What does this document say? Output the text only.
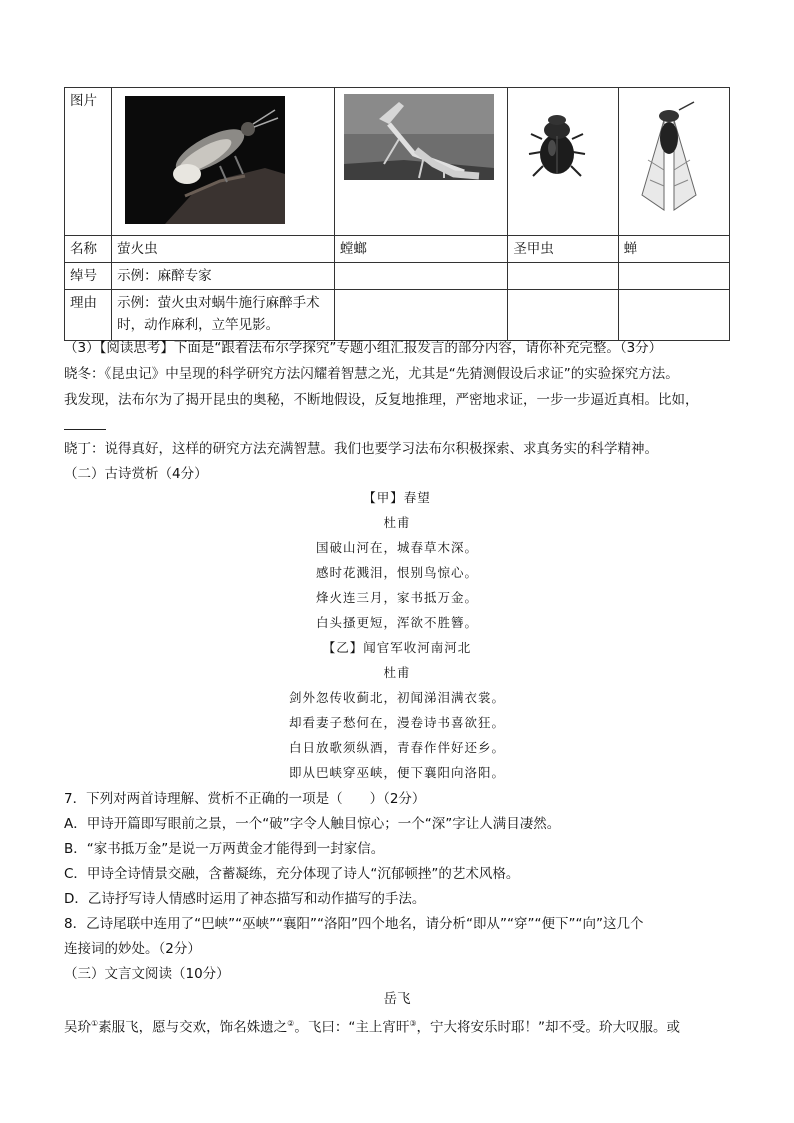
图片	

名称	萤火虫	螳螂	圣甲虫	蝉
绰号	示例：麻醉专家			
理由	示例：萤火虫对蜗牛施行麻醉手术时，动作麻利，立竿见影。			
（3）【阅读思考】下面是“跟着法布尔学探究”专题小组汇报发言的部分内容，请你补充完整。（3分）
晓冬：《昆虫记》中呈现的科学研究方法闪耀着智慧之光，尤其是“先猜测假设后求证”的实验探究方法。
我发现，法布尔为了揭开昆虫的奥秘，不断地假设，反复地推理，严密地求证，一步一步逼近真相。比如，
晓丁：说得真好，这样的研究方法充满智慧。我们也要学习法布尔积极探索、求真务实的科学精神。
（二）古诗赏析（4分）
【甲】春望
杜甫
国破山河在，城春草木深。
感时花溅泪，恨别鸟惊心。
烽火连三月，家书抵万金。
白头搔更短，浑欲不胜簪。
【乙】闻官军收河南河北
杜甫
剑外忽传收蓟北，初闻涕泪满衣裳。
却看妻子愁何在，漫卷诗书喜欲狂。
白日放歌须纵酒，青春作伴好还乡。
即从巴峡穿巫峡，便下襄阳向洛阳。
7．下列对两首诗理解、赏析不正确的一项是（　　）（2分）
A．甲诗开篇即写眼前之景，一个“破”字令人触目惊心；一个“深”字让人满目凄然。
B．“家书抵万金”是说一万两黄金才能得到一封家信。
C．甲诗全诗情景交融，含蓄凝练，充分体现了诗人“沉郁顿挫”的艺术风格。
D．乙诗抒写诗人情感时运用了神态描写和动作描写的手法。
8．乙诗尾联中连用了“巴峡”“巫峡”“襄阳”“洛阳”四个地名，请分析“即从”“穿”“便下”“向”这几个
连接词的妙处。（2分）
（三）文言文阅读（10分）
岳飞
吴玠①素服飞，愿与交欢，饰名姝遗之②。飞曰：“主上宵旰③，宁大将安乐时耶！”却不受。玠大叹服。或
